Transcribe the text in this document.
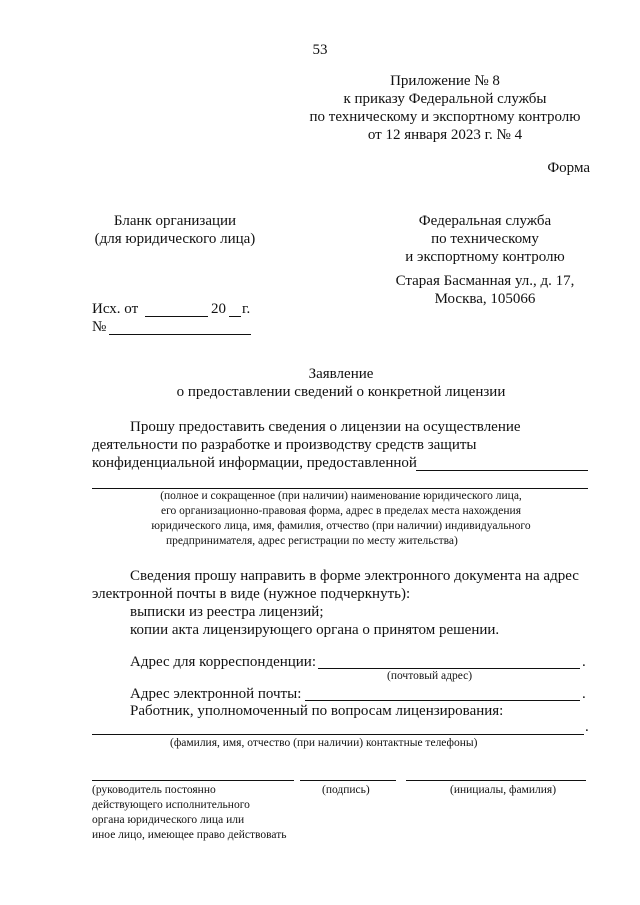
53
Приложение № 8
к приказу Федеральной службы
по техническому и экспортному контролю
от 12 января 2023 г. № 4
Форма
Бланк организации
(для юридического лица)
Федеральная служба
по техническому
и экспортному контролю
Старая Басманная ул., д. 17,
Москва, 105066
Исх. от	20 г.
№
Заявление
о предоставлении сведений о конкретной лицензии
Прошу предоставить сведения о лицензии на осуществление
деятельности по разработке и производству средств защиты
конфиденциальной информации, предоставленной
(полное и сокращенное (при наличии) наименование юридического лица,
его организационно-правовая форма, адрес в пределах места нахождения
юридического лица, имя, фамилия, отчество (при наличии) индивидуального
предпринимателя, адрес регистрации по месту жительства)
Сведения прошу направить в форме электронного документа на адрес
электронной почты в виде (нужное подчеркнуть):
выписки из реестра лицензий;
копии акта лицензирующего органа о принятом решении.
Адрес для корреспонденции:	.
(почтовый адрес)
Адрес электронной почты:	.
Работник, уполномоченный по вопросам лицензирования:
.
(фамилия, имя, отчество (при наличии) контактные телефоны)
(руководитель постоянно
действующего исполнительного
органа юридического лица или
иное лицо, имеющее право действовать
(подпись)	(инициалы, фамилия)
